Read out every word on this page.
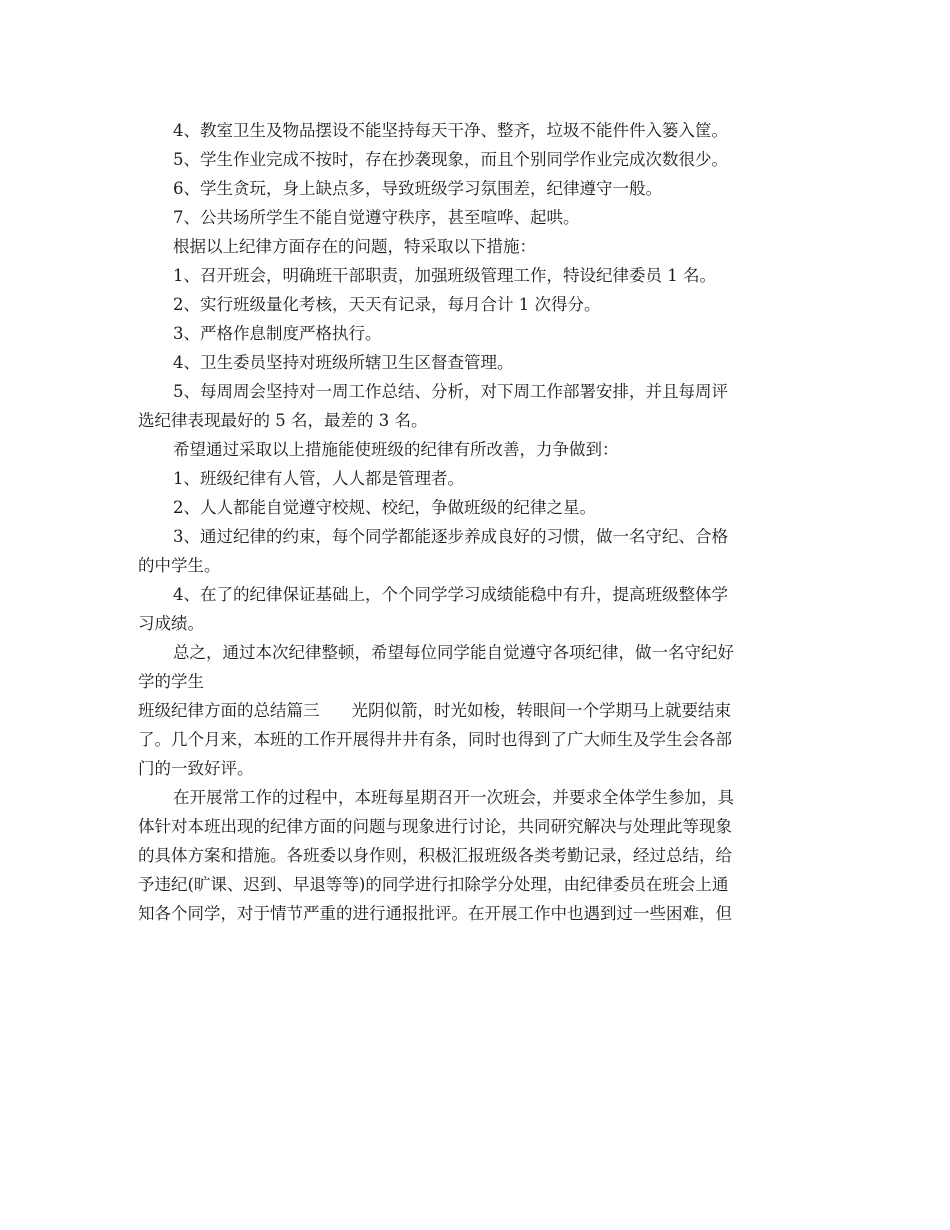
4、教室卫生及物品摆设不能坚持每天干净、整齐，垃圾不能件件入篓入筐。

5、学生作业完成不按时，存在抄袭现象，而且个别同学作业完成次数很少。

6、学生贪玩，身上缺点多，导致班级学习氛围差，纪律遵守一般。

7、公共场所学生不能自觉遵守秩序，甚至喧哗、起哄。

根据以上纪律方面存在的问题，特采取以下措施：

1、召开班会，明确班干部职责，加强班级管理工作，特设纪律委员 1 名。

2、实行班级量化考核，天天有记录，每月合计 1 次得分。

3、严格作息制度严格执行。

4、卫生委员坚持对班级所辖卫生区督查管理。

5、每周周会坚持对一周工作总结、分析，对下周工作部署安排，并且每周评

选纪律表现最好的 5 名，最差的 3 名。

希望通过采取以上措施能使班级的纪律有所改善，力争做到：

1、班级纪律有人管，人人都是管理者。

2、人人都能自觉遵守校规、校纪，争做班级的纪律之星。

3、通过纪律的约束，每个同学都能逐步养成良好的习惯，做一名守纪、合格

的中学生。

4、在了的纪律保证基础上，个个同学学习成绩能稳中有升，提高班级整体学

习成绩。

总之，通过本次纪律整顿，希望每位同学能自觉遵守各项纪律，做一名守纪好

学的学生

班级纪律方面的总结篇三 光阴似箭，时光如梭，转眼间一个学期马上就要结束

了。几个月来，本班的工作开展得井井有条，同时也得到了广大师生及学生会各部

门的一致好评。

在开展常工作的过程中，本班每星期召开一次班会，并要求全体学生参加，具

体针对本班出现的纪律方面的问题与现象进行讨论，共同研究解决与处理此等现象

的具体方案和措施。各班委以身作则，积极汇报班级各类考勤记录，经过总结，给

予违纪(旷课、迟到、早退等等)的同学进行扣除学分处理，由纪律委员在班会上通

知各个同学，对于情节严重的进行通报批评。在开展工作中也遇到过一些困难，但
